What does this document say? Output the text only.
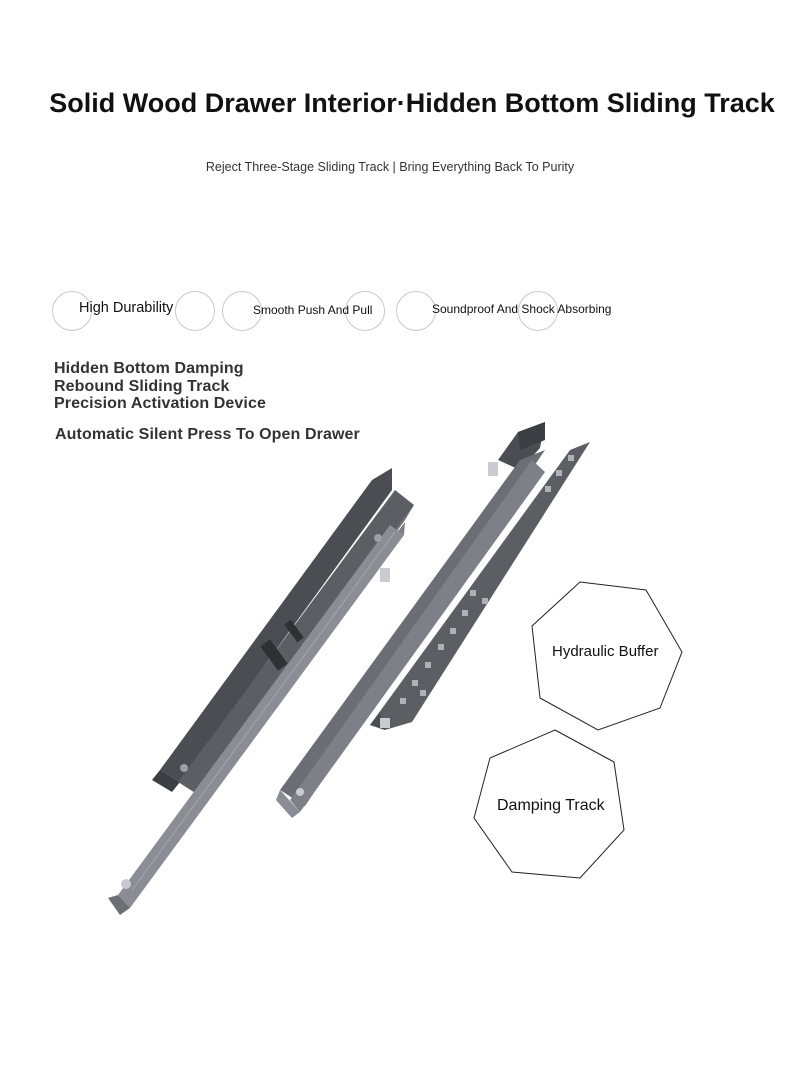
Solid Wood Drawer Interior·Hidden Bottom Sliding Track
Reject Three-Stage Sliding Track | Bring Everything Back To Purity
High Durability	Smooth Push And Pull	Soundproof And Shock Absorbing
Hidden Bottom Damping
Rebound Sliding Track
Precision Activation Device
Automatic Silent Press To Open Drawer
Hydraulic Buffer
Damping Track
